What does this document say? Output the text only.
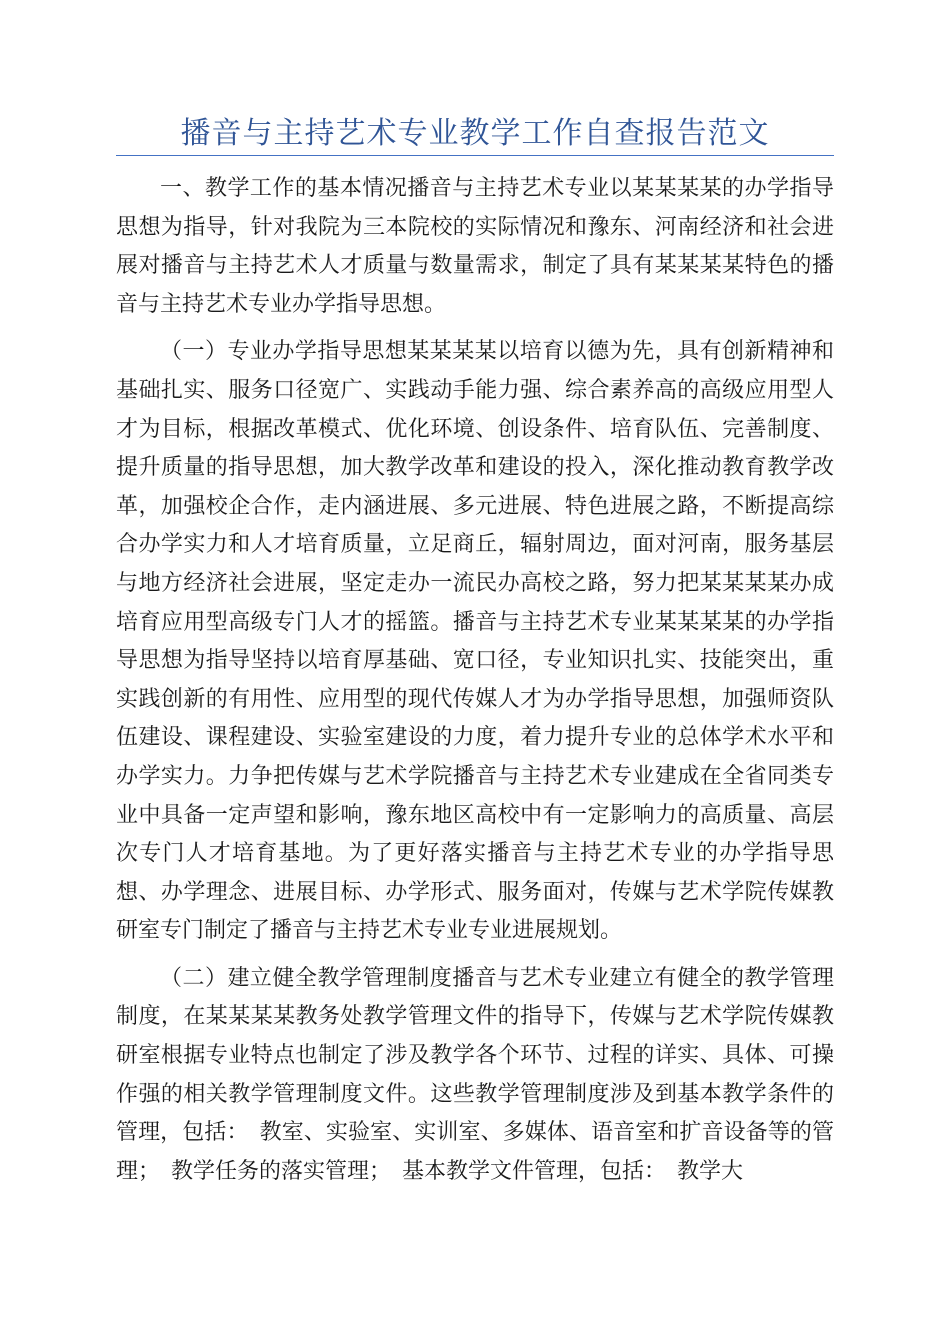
播音与主持艺术专业教学工作自查报告范文

一、教学工作的基本情况播音与主持艺术专业以某某某某的办学指导思想为指导，针对我院为三本院校的实际情况和豫东、河南经济和社会进展对播音与主持艺术人才质量与数量需求，制定了具有某某某某特色的播音与主持艺术专业办学指导思想。

（一）专业办学指导思想某某某某以培育以德为先，具有创新精神和基础扎实、服务口径宽广、实践动手能力强、综合素养高的高级应用型人才为目标，根据改革模式、优化环境、创设条件、培育队伍、完善制度、提升质量的指导思想，加大教学改革和建设的投入，深化推动教育教学改革，加强校企合作，走内涵进展、多元进展、特色进展之路，不断提高综合办学实力和人才培育质量，立足商丘，辐射周边，面对河南，服务基层与地方经济社会进展，坚定走办一流民办高校之路，努力把某某某某办成培育应用型高级专门人才的摇篮。播音与主持艺术专业某某某某的办学指导思想为指导坚持以培育厚基础、宽口径，专业知识扎实、技能突出，重实践创新的有用性、应用型的现代传媒人才为办学指导思想，加强师资队伍建设、课程建设、实验室建设的力度，着力提升专业的总体学术水平和办学实力。力争把传媒与艺术学院播音与主持艺术专业建成在全省同类专业中具备一定声望和影响，豫东地区高校中有一定影响力的高质量、高层次专门人才培育基地。为了更好落实播音与主持艺术专业的办学指导思想、办学理念、进展目标、办学形式、服务面对，传媒与艺术学院传媒教研室专门制定了播音与主持艺术专业专业进展规划。

（二）建立健全教学管理制度播音与艺术专业建立有健全的教学管理制度，在某某某某教务处教学管理文件的指导下，传媒与艺术学院传媒教研室根据专业特点也制定了涉及教学各个环节、过程的详实、具体、可操作强的相关教学管理制度文件。这些教学管理制度涉及到基本教学条件的管理，包括：　教室、实验室、实训室、多媒体、语音室和扩音设备等的管理；　教学任务的落实管理；　基本教学文件管理，包括：　教学大
